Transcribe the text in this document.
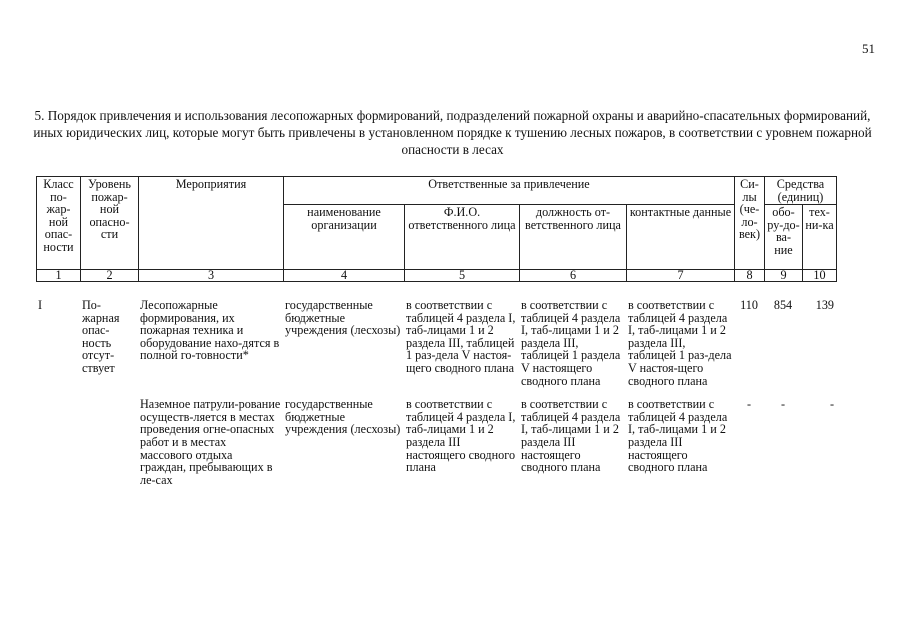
51
5. Порядок привлечения и использования лесопожарных формирований, подразделений пожарной охраны и аварийно-спасательных формирований, иных юридических лиц, которые могут быть привлечены в установленном порядке к тушению лесных пожаров, в соответствии с уровнем пожарной опасности в лесах
Класс по-жар-ной опас-ности	Уровень пожар-ной опасно-сти	Мероприятия	Ответственные за привлечение				Си-лы (че-ло-век)	Средства (единиц)	
			наименование организации	Ф.И.О. ответственного лица	должность от-ветственного лица	контактные данные		обо-ру-до-ва-ние	тех-ни-ка
1	2	3	4	5	6	7	8	9	10
I	По-жарная опас-ность отсут-ствует	Лесопожарные формирования, их пожарная техника и оборудование нахо-дятся в полной го-товности*	государственные бюджетные учреждения (лесхозы)	в соответствии с таблицей 4 раздела I, таб-лицами 1 и 2 раздела III, таблицей 1 раз-дела V настоя-щего сводного плана	в соответствии с таблицей 4 раздела I, таб-лицами 1 и 2 раздела III, таблицей 1 раздела V настоящего сводного плана	в соответствии с таблицей 4 раздела I, таб-лицами 1 и 2 раздела III, таблицей 1 раз-дела V настоя-щего сводного плана	110	854	139
		Наземное патрули-рование осуществ-ляется в местах проведения огне-опасных работ и в местах массового отдыха граждан, пребывающих в ле-сах	государственные бюджетные учреждения (лесхозы)	в соответствии с таблицей 4 раздела I, таб-лицами 1 и 2 раздела III настоящего сводного плана	в соответствии с таблицей 4 раздела I, таб-лицами 1 и 2 раздела III настоящего сводного плана	в соответствии с таблицей 4 раздела I, таб-лицами 1 и 2 раздела III настоящего сводного плана	-	-	-
